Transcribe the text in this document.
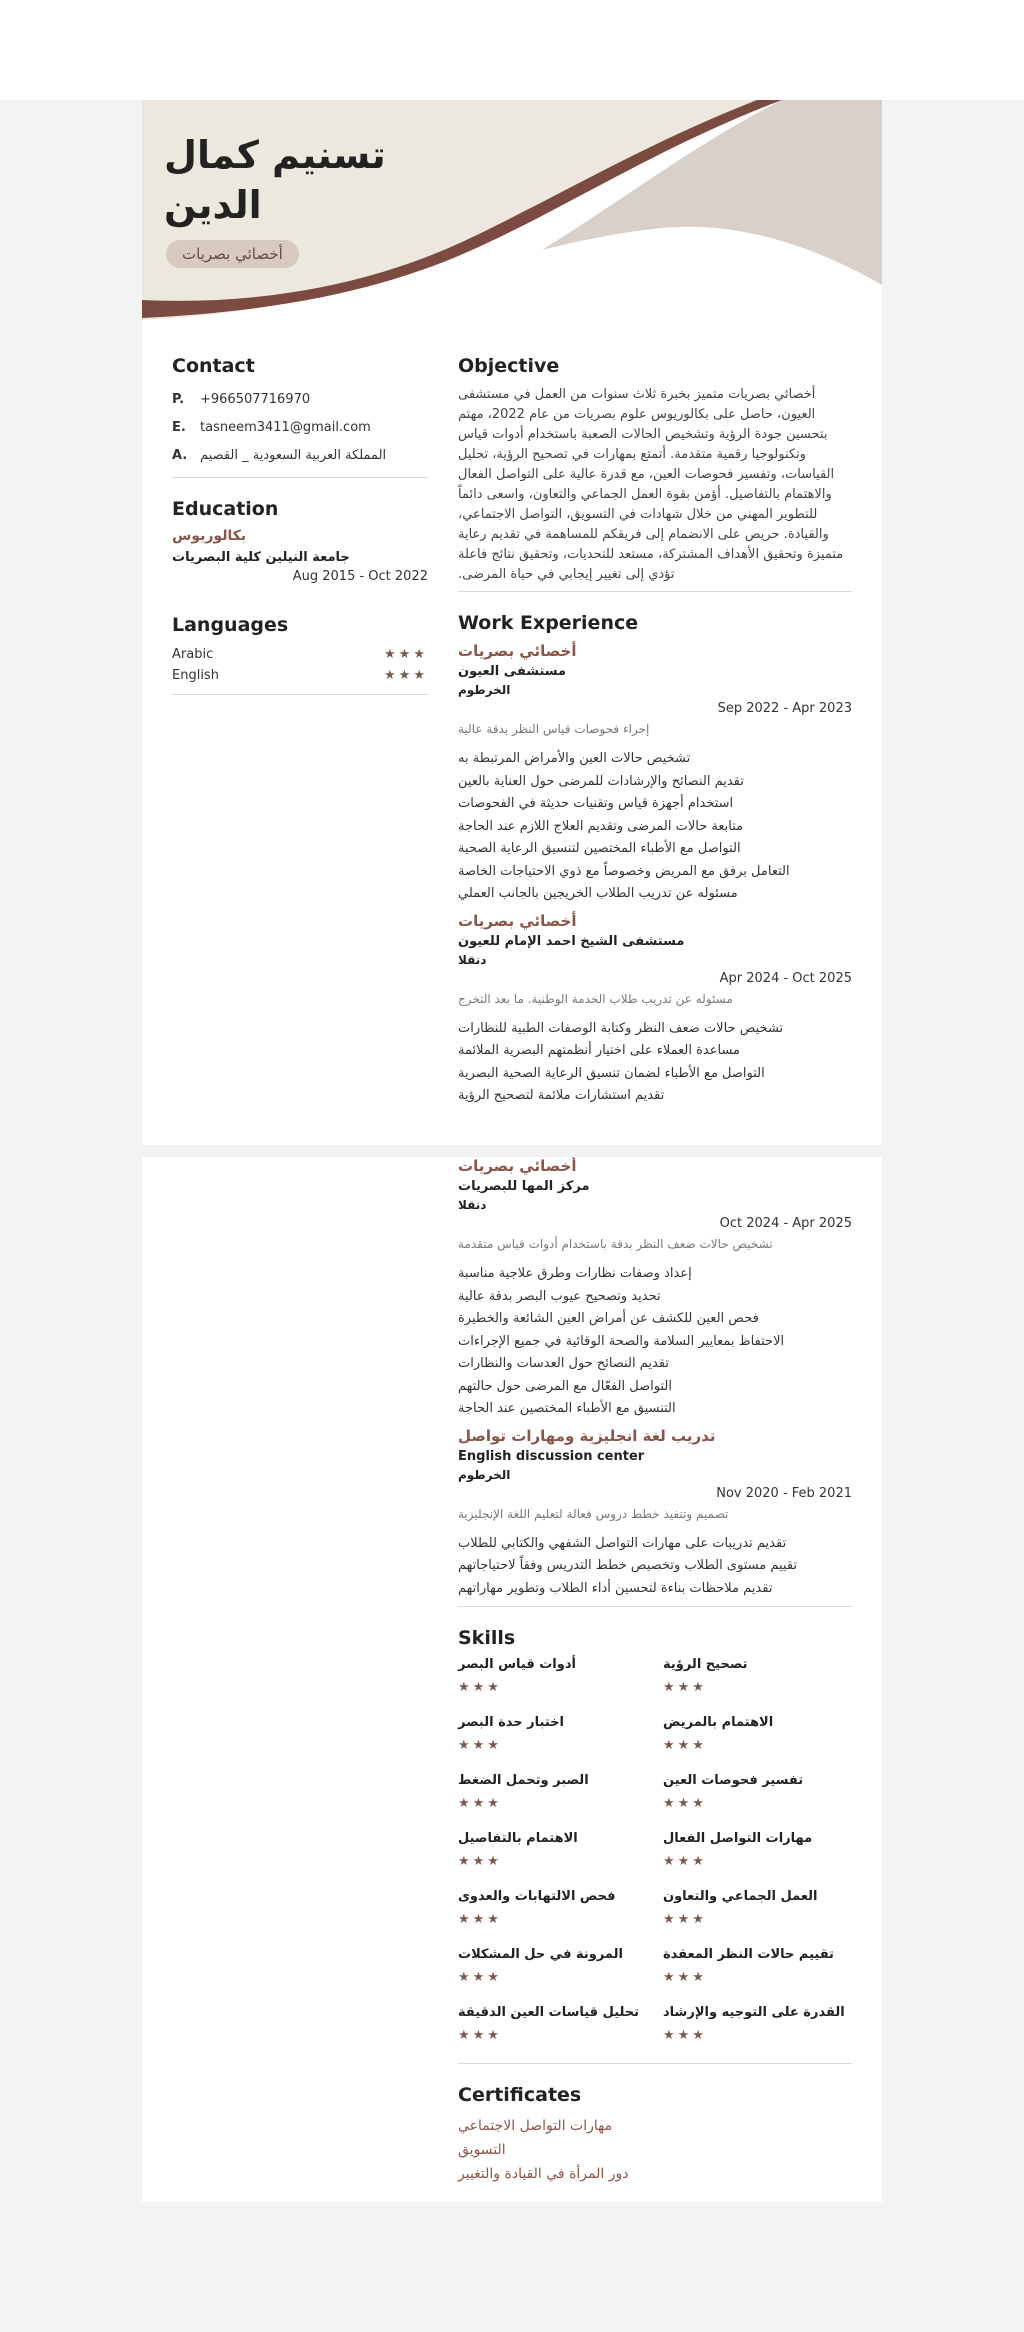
تسنيم كمال
الدين
أخصائي بصريات
Contact
P.	+966507716970
E.	tasneem3411@gmail.com
A. المملكة العربية السعودية _ القصيم
Education
بكالوريوس
جامعة النيلين كلية البصريات
Aug 2015 - Oct 2022
Languages
Arabic	★★★
English	★★★
Objective
أخصائي بصريات متميز بخبرة ثلاث سنوات من العمل في مستشفى العيون، حاصل على بكالوريوس علوم بصريات من عام 2022، مهتم بتحسين جودة الرؤية وتشخيص الحالات الصعبة باستخدام أدوات قياس وتكنولوجيا رقمية متقدمة. أتمتع بمهارات في تصحيح الرؤية، تحليل القياسات، وتفسير فحوصات العين، مع قدرة عالية على التواصل الفعال والاهتمام بالتفاصيل. أؤمن بقوة العمل الجماعي والتعاون، واسعى دائماً للتطوير المهني من خلال شهادات في التسويق، التواصل الاجتماعي، والقيادة. حريص على الانضمام إلى فريقكم للمساهمة في تقديم رعاية متميزة وتحقيق الأهداف المشتركة، مستعد للتحديات، وتحقيق نتائج فاعلة تؤدي إلى تغيير إيجابي في حياة المرضى.
Work Experience
أخصائي بصريات
مستشفى العيون
الخرطوم
Sep 2022 - Apr 2023
إجراء فحوصات قياس النظر بدقة عالية
تشخيص حالات العين والأمراض المرتبطة به
تقديم النصائح والإرشادات للمرضى حول العناية بالعين
استخدام أجهزة قياس وتقنيات حديثة في الفحوصات
متابعة حالات المرضى وتقديم العلاج اللازم عند الحاجة
التواصل مع الأطباء المختصين لتنسيق الرعاية الصحية
التعامل برفق مع المريض وخصوصاً مع ذوي الاحتياجات الخاصة
مسئوله عن تدريب الطلاب الخريجين بالجانب العملي
أخصائي بصريات
مستشفى الشيخ احمد الإمام للعيون
دنقلا
Apr 2024 - Oct 2025
مسئوله عن تدريب طلاب الخدمة الوطنية. ما بعد التخرج
تشخيص حالات ضعف النظر وكتابة الوصفات الطبية للنظارات
مساعدة العملاء على اختيار أنظمتهم البصرية الملائمة
التواصل مع الأطباء لضمان تنسيق الرعاية الصحية البصرية
تقديم استشارات ملائمة لتصحيح الرؤية
أخصائي بصريات
مركز المها للبصريات
دنقلا
Oct 2024 - Apr 2025
تشخيص حالات ضعف النظر بدقة باستخدام أدوات قياس متقدمة
إعداد وصفات نظارات وطرق علاجية مناسبة
تحديد وتصحيح عيوب البصر بدقة عالية
فحص العين للكشف عن أمراض العين الشائعة والخطيرة
الاحتفاظ بمعايير السلامة والصحة الوقائية في جميع الإجراءات
تقديم النصائح حول العدسات والنظارات
التواصل الفعّال مع المرضى حول حالتهم
التنسيق مع الأطباء المختصين عند الحاجة
تدريب لغة انجليزية ومهارات تواصل
English discussion center
الخرطوم
Nov 2020 - Feb 2021
تصميم وتنفيذ خطط دروس فعالة لتعليم اللغة الإنجليزية
تقديم تدريبات على مهارات التواصل الشفهي والكتابي للطلاب
تقييم مستوى الطلاب وتخصيص خطط التدريس وفقاً لاحتياجاتهم
تقديم ملاحظات بناءة لتحسين أداء الطلاب وتطوير مهاراتهم
Skills
أدوات قياس البصر
★★★
تصحيح الرؤية
★★★
اختبار حدة البصر
★★★
الاهتمام بالمريض
★★★
الصبر وتحمل الضغط
★★★
تفسير فحوصات العين
★★★
الاهتمام بالتفاصيل
★★★
مهارات التواصل الفعال
★★★
فحص الالتهابات والعدوى
★★★
العمل الجماعي والتعاون
★★★
المرونة في حل المشكلات
★★★
تقييم حالات النظر المعقدة
★★★
تحليل قياسات العين الدقيقة
★★★
القدرة على التوجيه والإرشاد
★★★
Certificates
مهارات التواصل الاجتماعي
التسويق
دور المرأة في القيادة والتغيير
